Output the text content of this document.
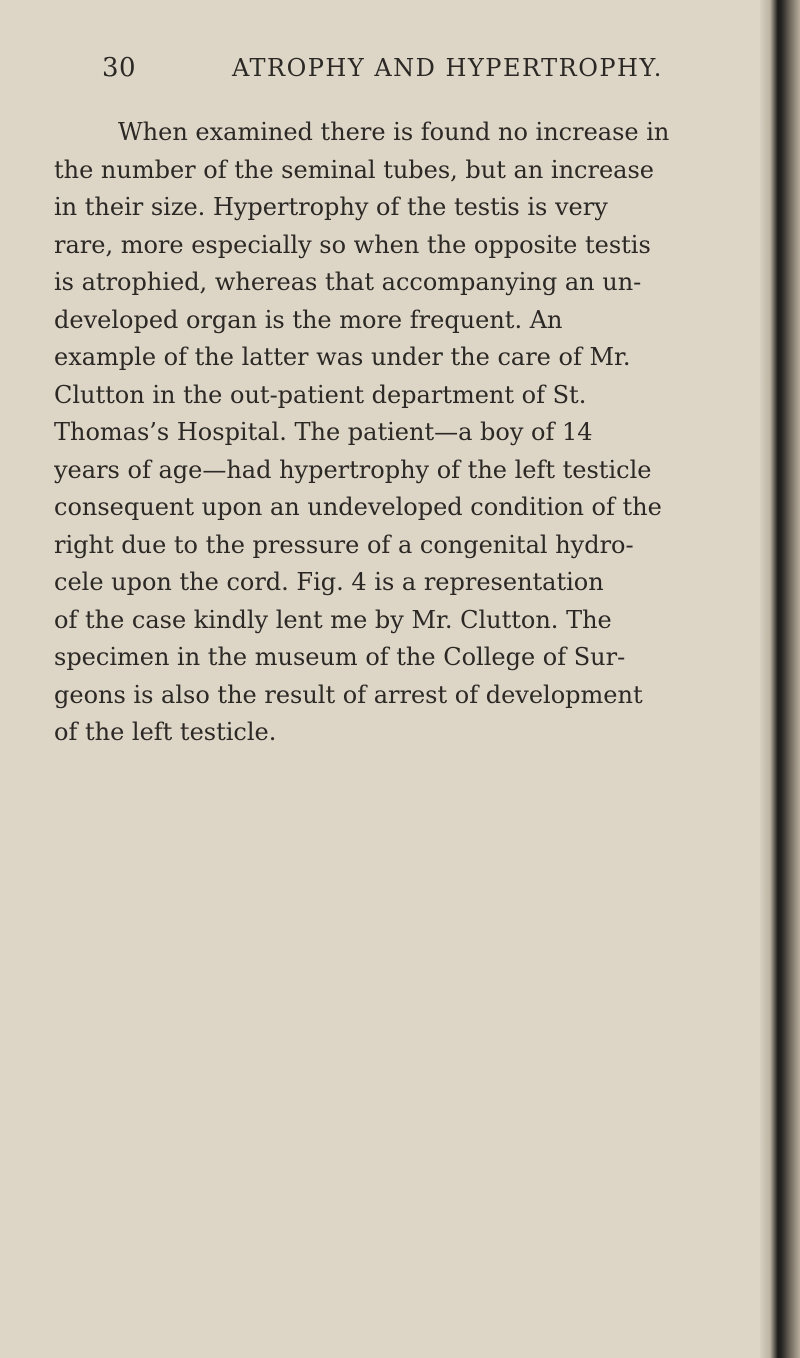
30	ATROPHY AND HYPERTROPHY.
When examined there is found no increase in
the number of the seminal tubes, but an increase
in their size. Hypertrophy of the testis is very
rare, more especially so when the opposite testis
is atrophied, whereas that accompanying an un-
developed organ is the more frequent. An
example of the latter was under the care of Mr.
Clutton in the out-patient department of St.
Thomas’s Hospital. The patient—a boy of 14
years of age—had hypertrophy of the left testicle
consequent upon an undeveloped condition of the
right due to the pressure of a congenital hydro-
cele upon the cord. Fig. 4 is a representation
of the case kindly lent me by Mr. Clutton. The
specimen in the museum of the College of Sur-
geons is also the result of arrest of development
of the left testicle.
